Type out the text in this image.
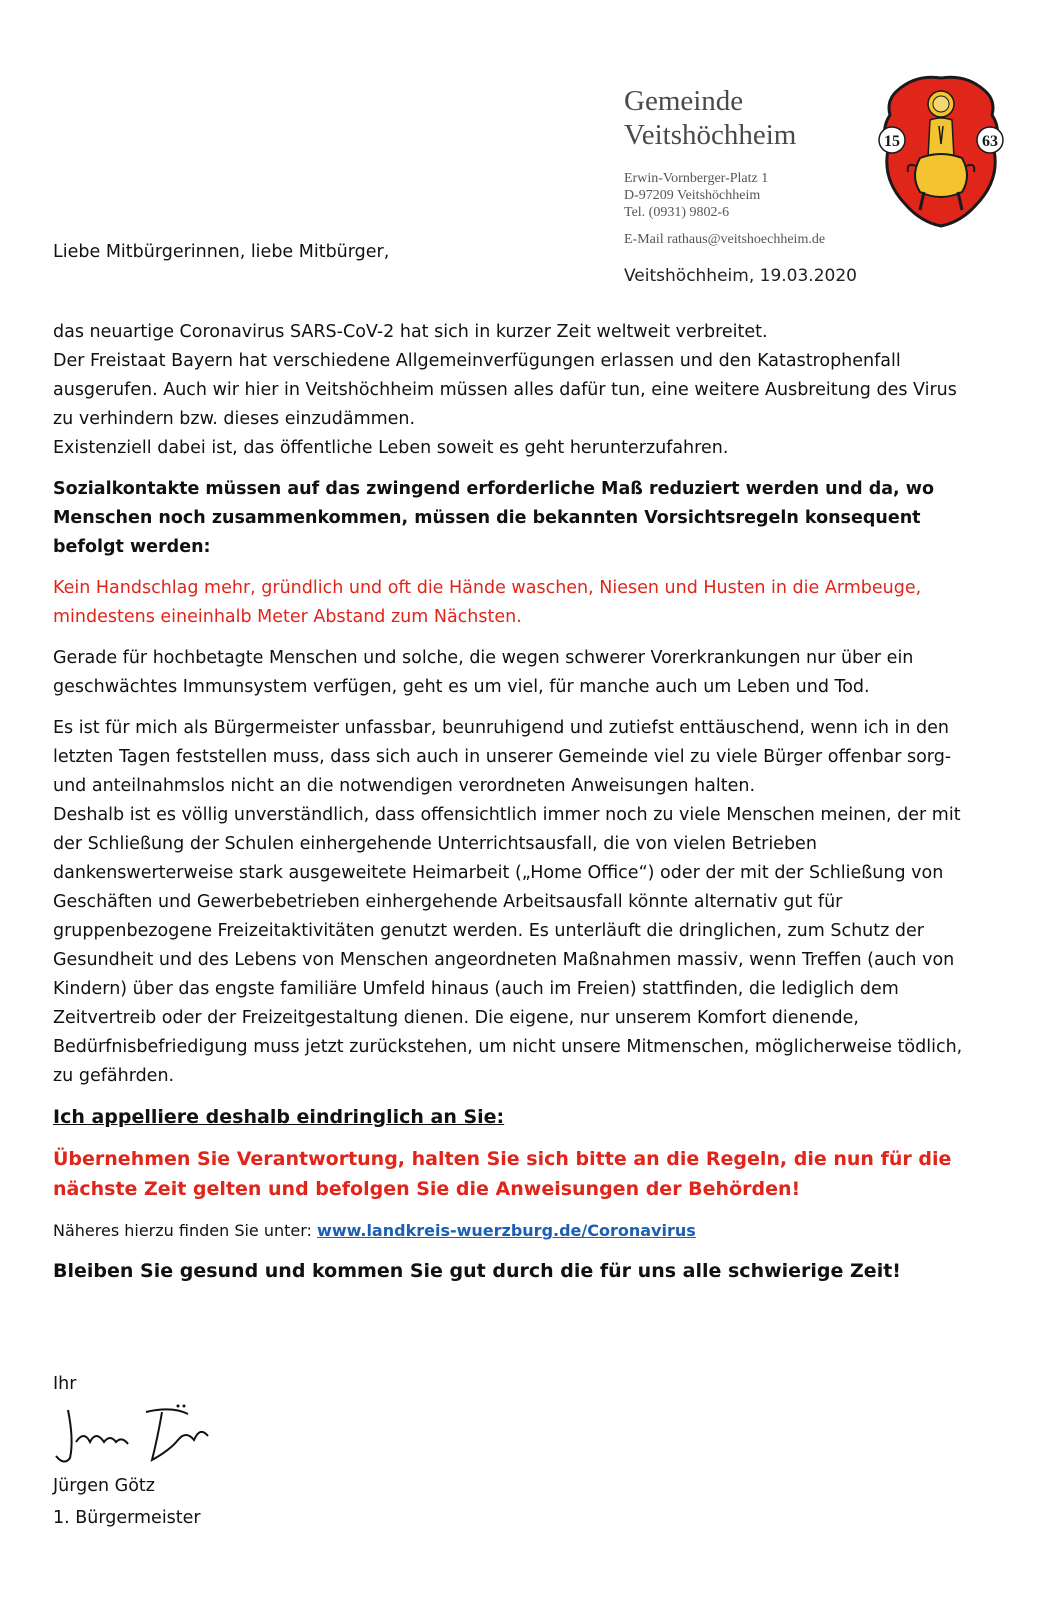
Gemeinde
Veitshöchheim
Erwin-Vornberger-Platz 1
D-97209 Veitshöchheim
Tel. (0931) 9802-6
E-Mail rathaus@veitshoechheim.de
15	63
Veitshöchheim, 19.03.2020
Liebe Mitbürgerinnen, liebe Mitbürger,

das neuartige Coronavirus SARS-CoV-2 hat sich in kurzer Zeit weltweit verbreitet.

Der Freistaat Bayern hat verschiedene Allgemeinverfügungen erlassen und den Katastrophenfall ausgerufen. Auch wir hier in Veitshöchheim müssen alles dafür tun, eine weitere Ausbreitung des Virus zu verhindern bzw. dieses einzudämmen.

Existenziell dabei ist, das öffentliche Leben soweit es geht herunterzufahren.

Sozialkontakte müssen auf das zwingend erforderliche Maß reduziert werden und da, wo Menschen noch zusammenkommen, müssen die bekannten Vorsichtsregeln konsequent befolgt werden:

Kein Handschlag mehr, gründlich und oft die Hände waschen, Niesen und Husten in die Armbeuge, mindestens eineinhalb Meter Abstand zum Nächsten.

Gerade für hochbetagte Menschen und solche, die wegen schwerer Vorerkrankungen nur über ein geschwächtes Immunsystem verfügen, geht es um viel, für manche auch um Leben und Tod.

Es ist für mich als Bürgermeister unfassbar, beunruhigend und zutiefst enttäuschend, wenn ich in den letzten Tagen feststellen muss, dass sich auch in unserer Gemeinde viel zu viele Bürger offenbar sorg- und anteilnahmslos nicht an die notwendigen verordneten Anweisungen halten.

Deshalb ist es völlig unverständlich, dass offensichtlich immer noch zu viele Menschen meinen, der mit der Schließung der Schulen einhergehende Unterrichtsausfall, die von vielen Betrieben dankenswerterweise stark ausgeweitete Heimarbeit („Home Office“) oder der mit der Schließung von Geschäften und Gewerbebetrieben einhergehende Arbeitsausfall könnte alternativ gut für gruppenbezogene Freizeitaktivitäten genutzt werden. Es unterläuft die dringlichen, zum Schutz der Gesundheit und des Lebens von Menschen angeordneten Maßnahmen massiv, wenn Treffen (auch von Kindern) über das engste familiäre Umfeld hinaus (auch im Freien) stattfinden, die lediglich dem Zeitvertreib oder der Freizeitgestaltung dienen. Die eigene, nur unserem Komfort dienende, Bedürfnisbefriedigung muss jetzt zurückstehen, um nicht unsere Mitmenschen, möglicherweise tödlich, zu gefährden.

Ich appelliere deshalb eindringlich an Sie:

Übernehmen Sie Verantwortung, halten Sie sich bitte an die Regeln, die nun für die nächste Zeit gelten und befolgen Sie die Anweisungen der Behörden!

Näheres hierzu finden Sie unter: www.landkreis-wuerzburg.de/Coronavirus

Bleiben Sie gesund und kommen Sie gut durch die für uns alle schwierige Zeit!

Ihr
Jürgen Götz
1. Bürgermeister
